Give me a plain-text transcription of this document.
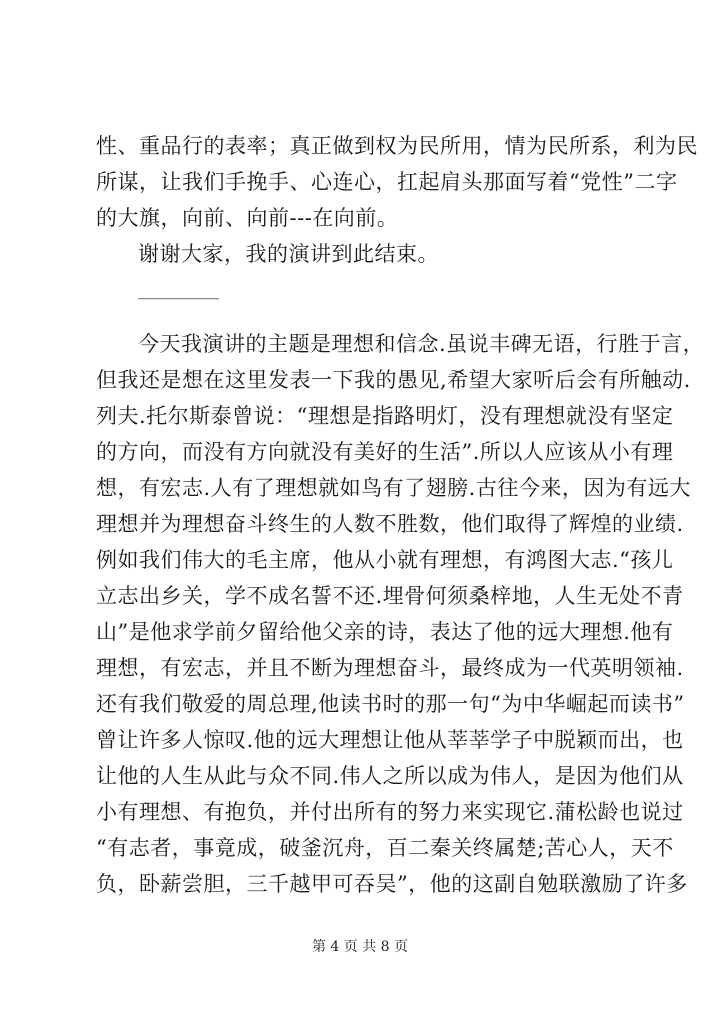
性、重品行的表率；真正做到权为民所用，情为民所系，利为民
所谋，让我们手挽手、心连心，扛起肩头那面写着“党性”二字
的大旗，向前、向前---在向前。
谢谢大家，我的演讲到此结束。
_________
今天我演讲的主题是理想和信念.虽说丰碑无语，行胜于言，
但我还是想在这里发表一下我的愚见,希望大家听后会有所触动.
列夫.托尔斯泰曾说：“理想是指路明灯，没有理想就没有坚定
的方向，而没有方向就没有美好的生活”.所以人应该从小有理
想，有宏志.人有了理想就如鸟有了翅膀.古往今来，因为有远大
理想并为理想奋斗终生的人数不胜数，他们取得了辉煌的业绩.
例如我们伟大的毛主席，他从小就有理想，有鸿图大志.“孩儿
立志出乡关，学不成名誓不还.埋骨何须桑梓地，人生无处不青
山”是他求学前夕留给他父亲的诗，表达了他的远大理想.他有
理想，有宏志，并且不断为理想奋斗，最终成为一代英明领袖.
还有我们敬爱的周总理,他读书时的那一句“为中华崛起而读书”
曾让许多人惊叹.他的远大理想让他从莘莘学子中脱颖而出，也
让他的人生从此与众不同.伟人之所以成为伟人，是因为他们从
小有理想、有抱负，并付出所有的努力来实现它.蒲松龄也说过
“有志者，事竟成，破釜沉舟，百二秦关终属楚;苦心人，天不
负，卧薪尝胆，三千越甲可吞吴”，他的这副自勉联激励了许多
第 4 页 共 8 页
